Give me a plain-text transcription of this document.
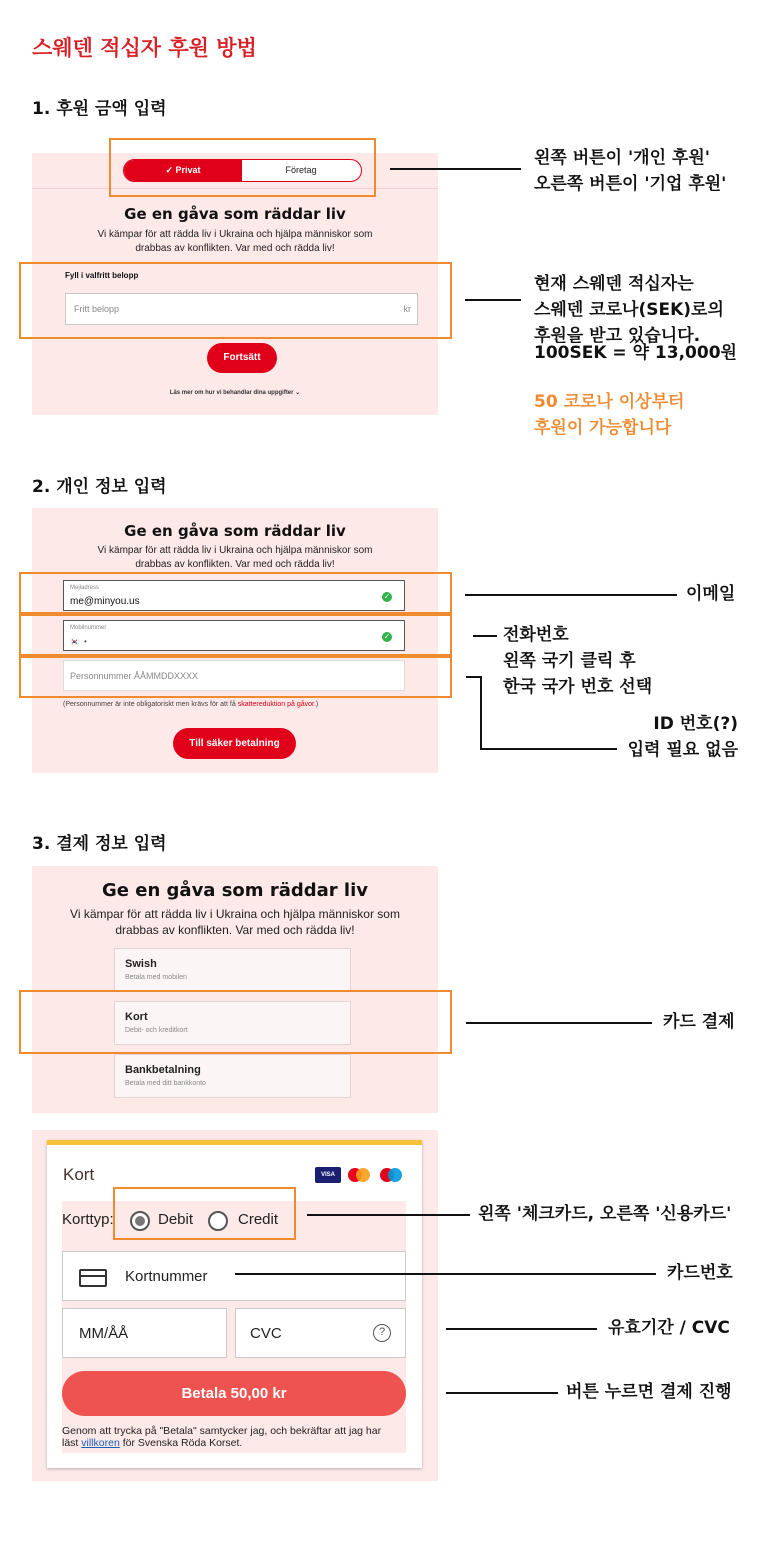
스웨덴 적십자 후원 방법
1. 후원 금액 입력
✓ Privat	Företag
Ge en gåva som räddar liv
Vi kämpar för att rädda liv i Ukraina och hjälpa människor som
drabbas av konflikten. Var med och rädda liv!
Fyll i valfritt belopp
Fritt belopp	kr
Fortsätt
Läs mer om hur vi behandlar dina uppgifter ⌄
왼쪽 버튼이 '개인 후원'
오른쪽 버튼이 '기업 후원'
현재 스웨덴 적십자는
스웨덴 코로나(SEK)로의
후원을 받고 있습니다.
100SEK = 약 13,000원
50 코로나 이상부터
후원이 가능합니다
2. 개인 정보 입력
Ge en gåva som räddar liv
Vi kämpar för att rädda liv i Ukraina och hjälpa människor som
drabbas av konflikten. Var med och rädda liv!
Mejladress
me@minyou.us	✓
Mobilnummer
🇰🇷 •
✓
Personnummer ÅÅMMDDXXXX
(Personnummer är inte obligatoriskt men krävs för att få skattereduktion på gåvor.)
Till säker betalning
이메일
전화번호
왼쪽 국기 클릭 후
한국 국가 번호 선택
ID 번호(?)
입력 필요 없음
3. 결제 정보 입력
Ge en gåva som räddar liv
Vi kämpar för att rädda liv i Ukraina och hjälpa människor som
drabbas av konflikten. Var med och rädda liv!
Swish
Betala med mobilen
Kort
Debit- och kreditkort
Bankbetalning
Betala med ditt bankkonto
카드 결제
Kort	VISA
Korttyp:	Debit	Credit
Kortnummer
MM/ÅÅ	CVC	?
Betala 50,00 kr
Genom att trycka på "Betala" samtycker jag, och bekräftar att jag har
läst villkoren för Svenska Röda Korset.
왼쪽 '체크카드, 오른쪽 '신용카드'
카드번호
유효기간 / CVC
버튼 누르면 결제 진행
